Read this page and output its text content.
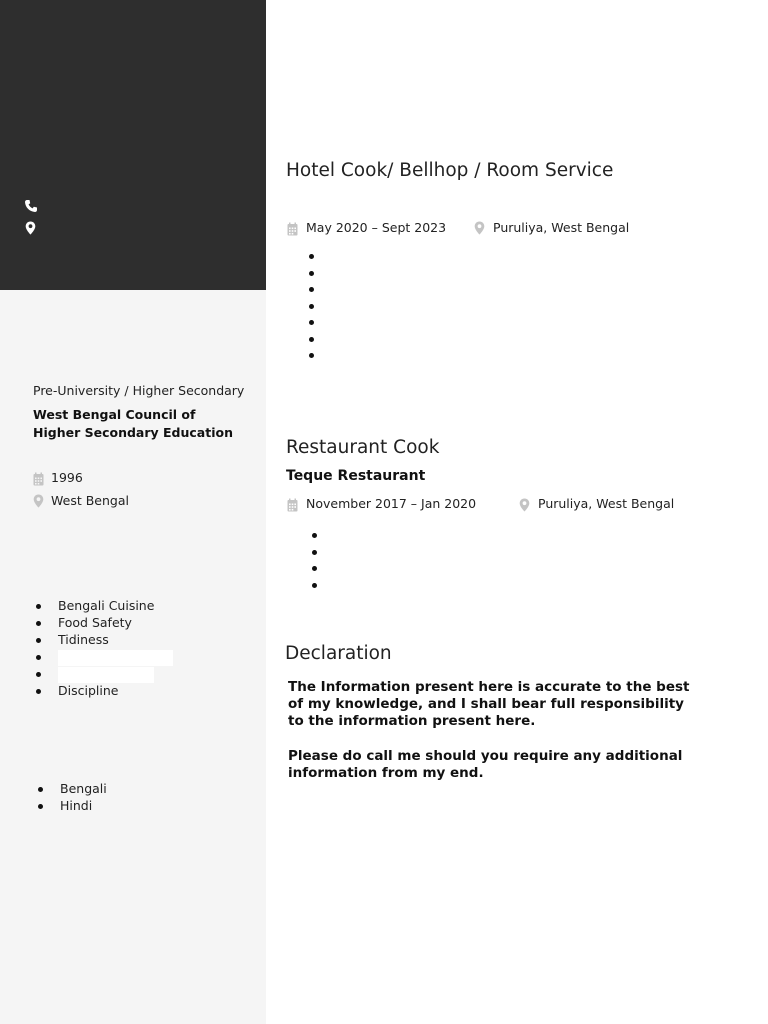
Pre-University / Higher Secondary
West Bengal Council of Higher Secondary Education
1996
West Bengal
Bengali Cuisine
Food Safety
Tidiness
Discipline
Bengali
Hindi
Hotel Cook/ Bellhop / Room Service
May 2020 – Sept 2023	Puruliya, West Bengal
Restaurant Cook
Teque Restaurant
November 2017 – Jan 2020	Puruliya, West Bengal
Declaration

The Information present here is accurate to the best of my knowledge, and I shall bear full responsibility to the information present here.

Please do call me should you require any additional information from my end.
